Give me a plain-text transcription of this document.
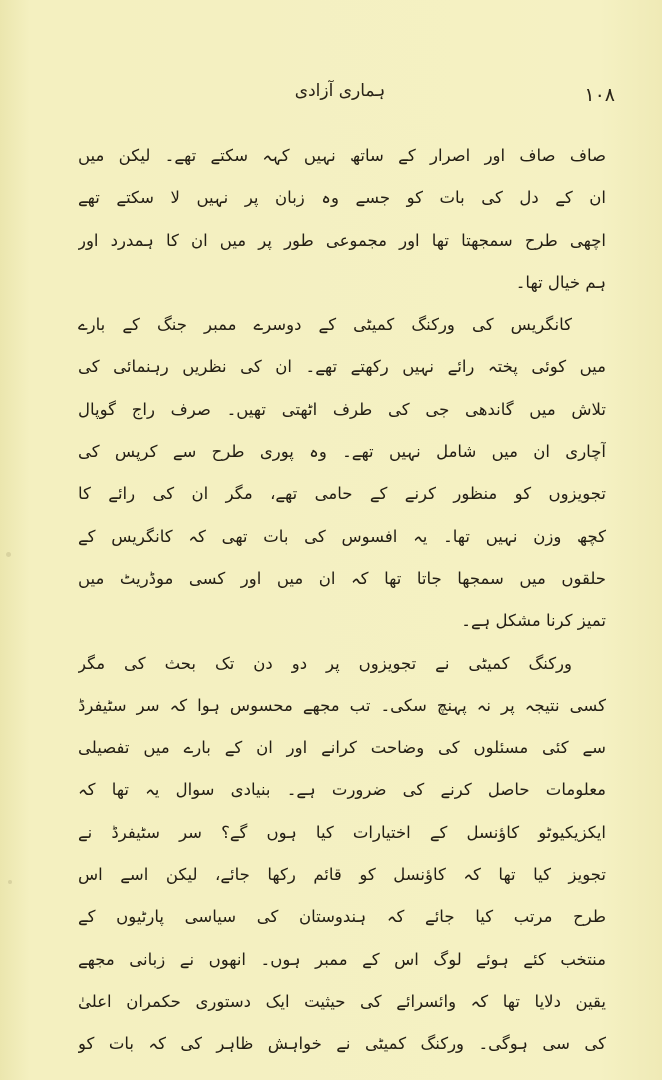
ہماری آزادی	۱۰۸
صاف صاف اور اصرار کے ساتھ نہیں کہہ سکتے تھے۔ لیکن میں
ان کے دل کی بات کو جسے وہ زبان پر نہیں لا سکتے تھے
اچھی طرح سمجھتا تھا اور مجموعی طور پر میں ان کا ہمدرد اور
ہم خیال تھا۔
کانگریس کی ورکنگ کمیٹی کے دوسرے ممبر جنگ کے بارے
میں کوئی پختہ رائے نہیں رکھتے تھے۔ ان کی نظریں رہنمائی کی
تلاش میں گاندھی جی کی طرف اٹھتی تھیں۔ صرف راج گوپال
آچاری ان میں شامل نہیں تھے۔ وہ پوری طرح سے کرپس کی
تجویزوں کو منظور کرنے کے حامی تھے، مگر ان کی رائے کا
کچھ وزن نہیں تھا۔ یہ افسوس کی بات تھی کہ کانگریس کے
حلقوں میں سمجھا جاتا تھا کہ ان میں اور کسی موڈریٹ میں
تمیز کرنا مشکل ہے۔
ورکنگ کمیٹی نے تجویزوں پر دو دن تک بحث کی مگر
کسی نتیجہ پر نہ پہنچ سکی۔ تب مجھے محسوس ہوا کہ سر سٹیفرڈ
سے کئی مسئلوں کی وضاحت کرانے اور ان کے بارے میں تفصیلی
معلومات حاصل کرنے کی ضرورت ہے۔ بنیادی سوال یہ تھا کہ
ایکزیکیوٹو کاؤنسل کے اختیارات کیا ہوں گے؟ سر سٹیفرڈ نے
تجویز کیا تھا کہ کاؤنسل کو قائم رکھا جائے، لیکن اسے اس
طرح مرتب کیا جائے کہ ہندوستان کی سیاسی پارٹیوں کے
منتخب کئے ہوئے لوگ اس کے ممبر ہوں۔ انھوں نے زبانی مجھے
یقین دلایا تھا کہ وائسرائے کی حیثیت ایک دستوری حکمران اعلیٰ
کی سی ہوگی۔ ورکنگ کمیٹی نے خواہش ظاہر کی کہ بات کو
